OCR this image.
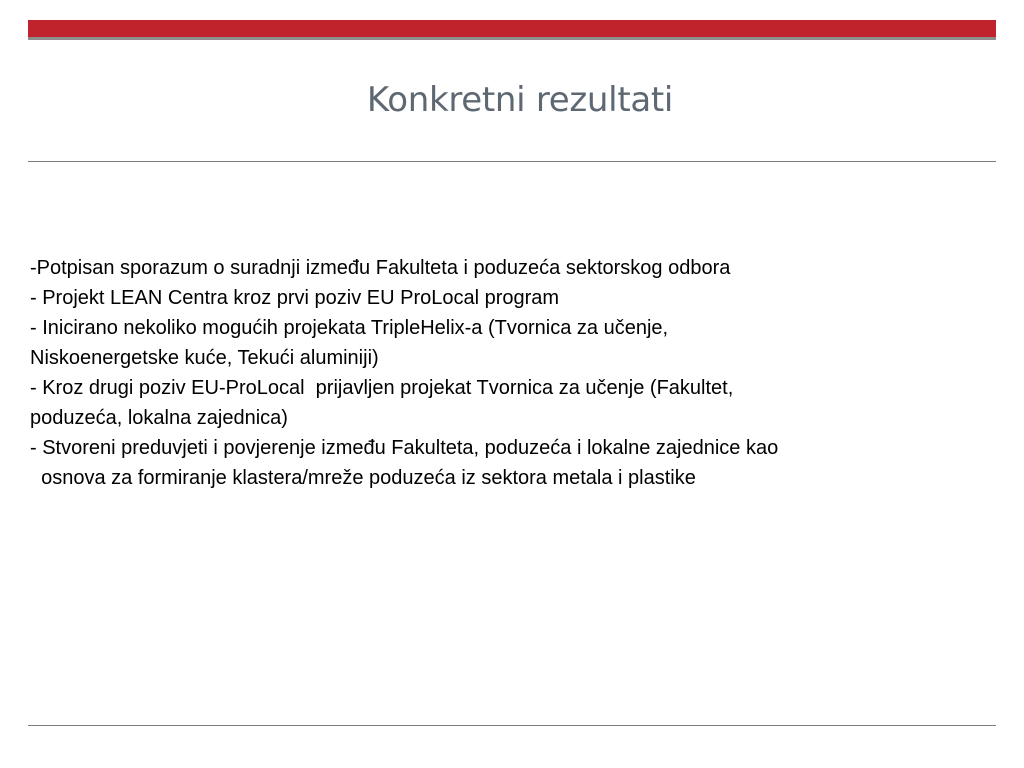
Konkretni rezultati
-Potpisan sporazum o suradnji između Fakulteta i poduzeća sektorskog odbora
- Projekt LEAN Centra kroz prvi poziv EU ProLocal program
- Inicirano nekoliko mogućih projekata TripleHelix-a (Tvornica za učenje,
Niskoenergetske kuće, Tekući aluminiji)
- Kroz drugi poziv EU-ProLocal  prijavljen projekat Tvornica za učenje (Fakultet,
poduzeća, lokalna zajednica)
- Stvoreni preduvjeti i povjerenje između Fakulteta, poduzeća i lokalne zajednice kao
osnova za formiranje klastera/mreže poduzeća iz sektora metala i plastike
